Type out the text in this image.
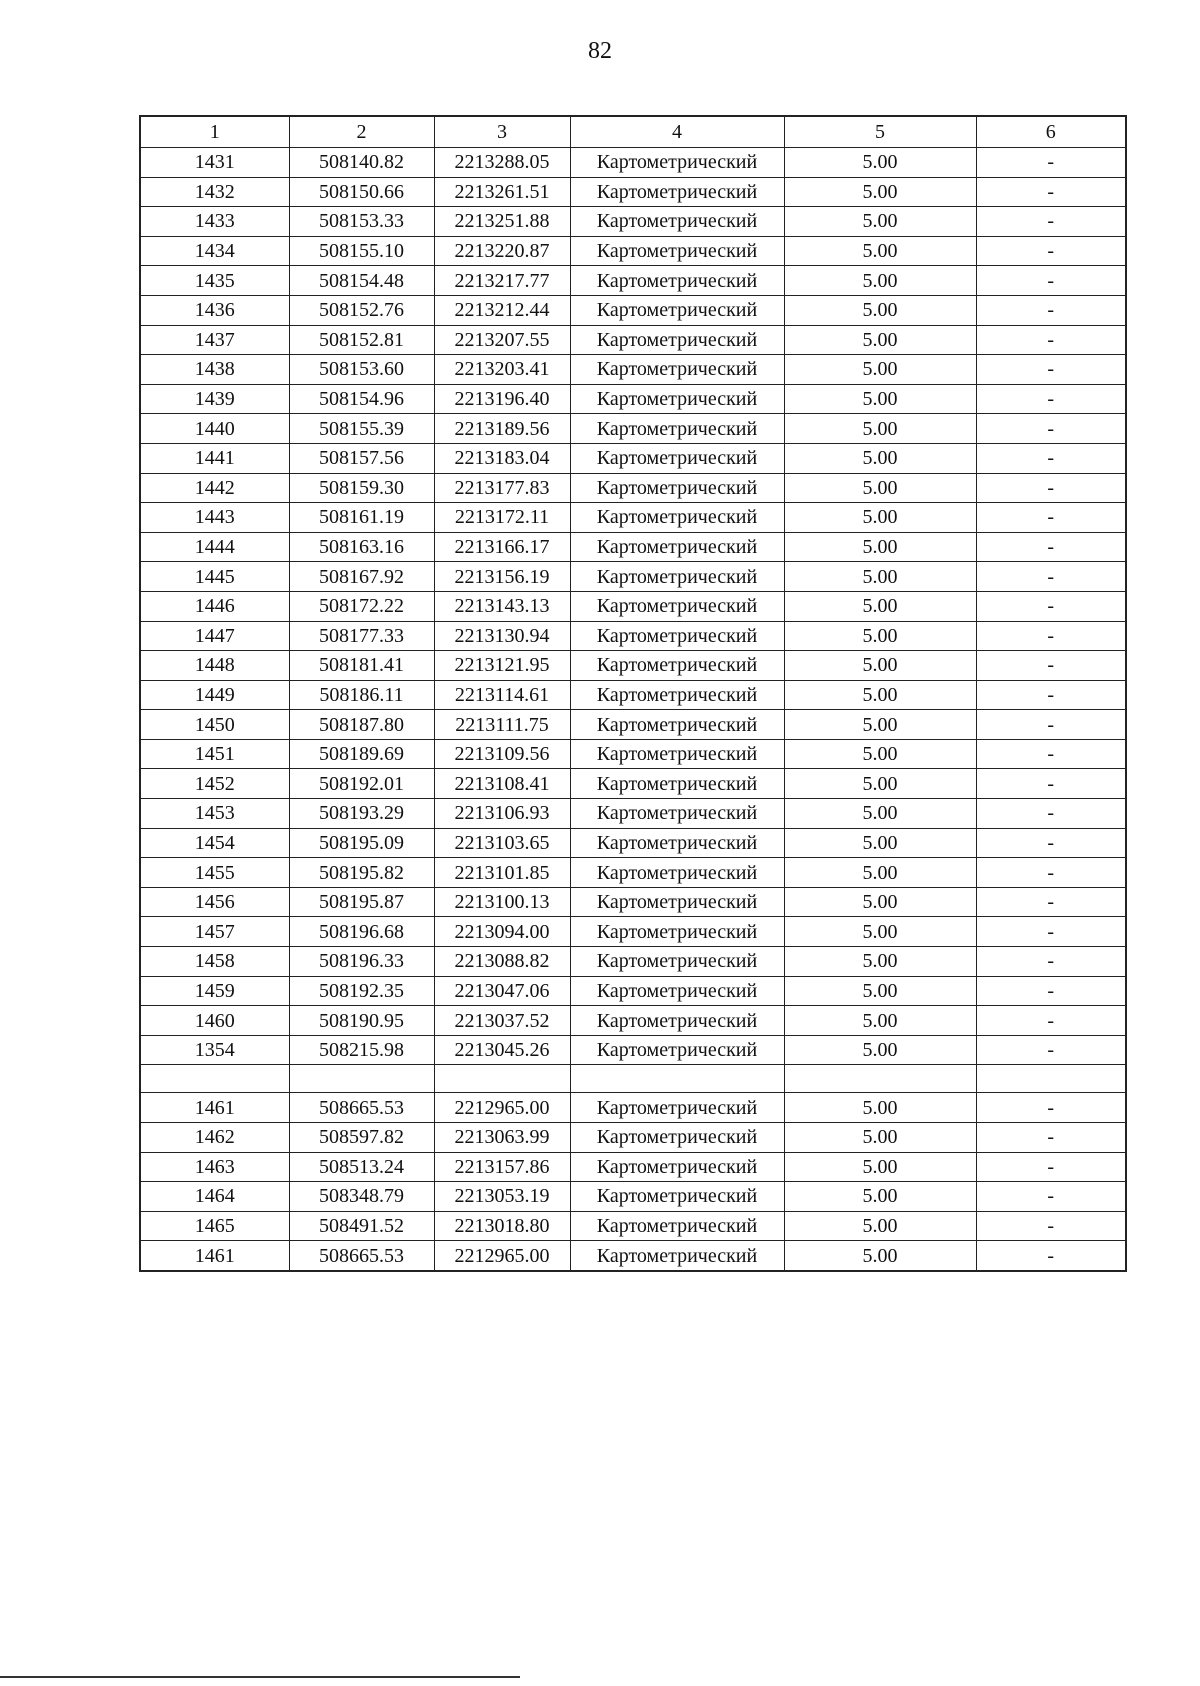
82
1	2	3	4	5	6
1431	508140.82	2213288.05	Картометрический	5.00	-
1432	508150.66	2213261.51	Картометрический	5.00	-
1433	508153.33	2213251.88	Картометрический	5.00	-
1434	508155.10	2213220.87	Картометрический	5.00	-
1435	508154.48	2213217.77	Картометрический	5.00	-
1436	508152.76	2213212.44	Картометрический	5.00	-
1437	508152.81	2213207.55	Картометрический	5.00	-
1438	508153.60	2213203.41	Картометрический	5.00	-
1439	508154.96	2213196.40	Картометрический	5.00	-
1440	508155.39	2213189.56	Картометрический	5.00	-
1441	508157.56	2213183.04	Картометрический	5.00	-
1442	508159.30	2213177.83	Картометрический	5.00	-
1443	508161.19	2213172.11	Картометрический	5.00	-
1444	508163.16	2213166.17	Картометрический	5.00	-
1445	508167.92	2213156.19	Картометрический	5.00	-
1446	508172.22	2213143.13	Картометрический	5.00	-
1447	508177.33	2213130.94	Картометрический	5.00	-
1448	508181.41	2213121.95	Картометрический	5.00	-
1449	508186.11	2213114.61	Картометрический	5.00	-
1450	508187.80	2213111.75	Картометрический	5.00	-
1451	508189.69	2213109.56	Картометрический	5.00	-
1452	508192.01	2213108.41	Картометрический	5.00	-
1453	508193.29	2213106.93	Картометрический	5.00	-
1454	508195.09	2213103.65	Картометрический	5.00	-
1455	508195.82	2213101.85	Картометрический	5.00	-
1456	508195.87	2213100.13	Картометрический	5.00	-
1457	508196.68	2213094.00	Картометрический	5.00	-
1458	508196.33	2213088.82	Картометрический	5.00	-
1459	508192.35	2213047.06	Картометрический	5.00	-
1460	508190.95	2213037.52	Картометрический	5.00	-
1354	508215.98	2213045.26	Картометрический	5.00	-

1461	508665.53	2212965.00	Картометрический	5.00	-
1462	508597.82	2213063.99	Картометрический	5.00	-
1463	508513.24	2213157.86	Картометрический	5.00	-
1464	508348.79	2213053.19	Картометрический	5.00	-
1465	508491.52	2213018.80	Картометрический	5.00	-
1461	508665.53	2212965.00	Картометрический	5.00	-
